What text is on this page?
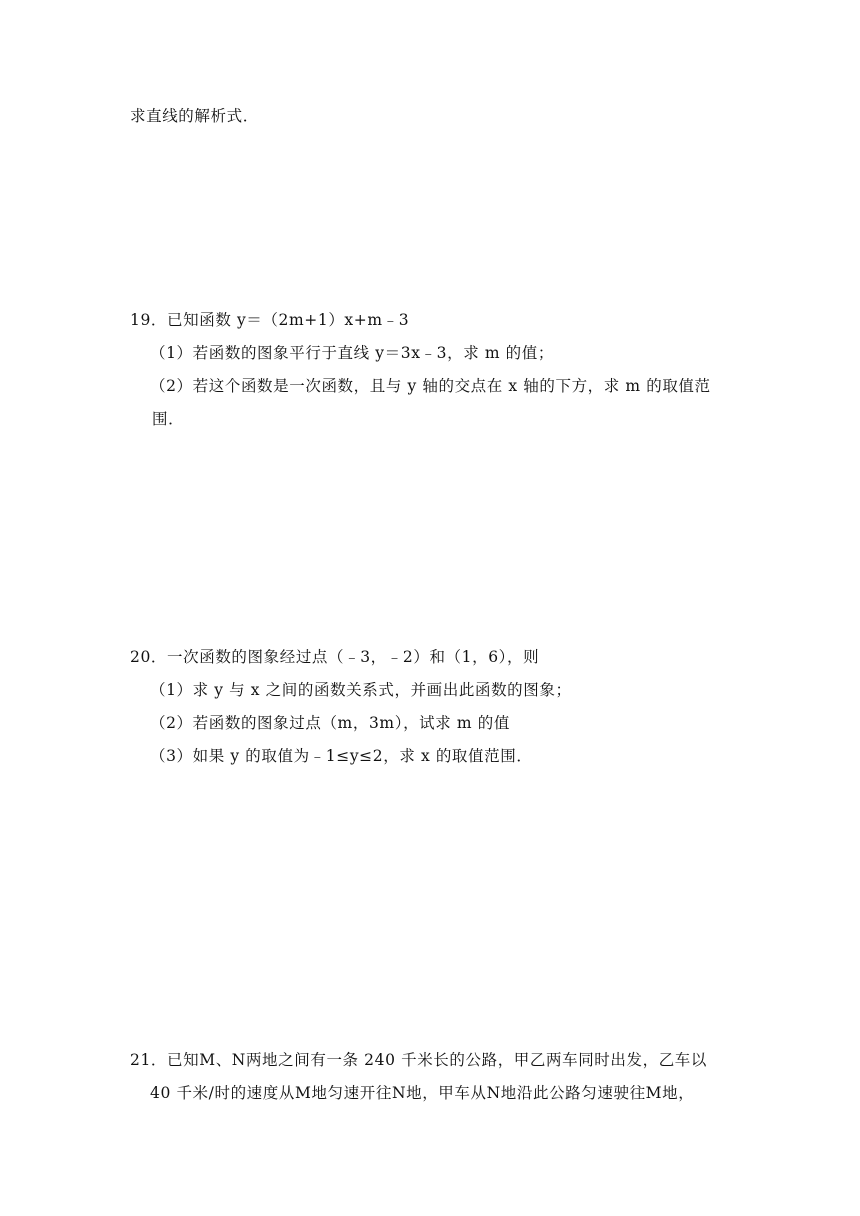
求直线的解析式．
19．已知函数 y＝（2m+1）x+m﹣3
（1）若函数的图象平行于直线 y＝3x﹣3，求 m 的值；
（2）若这个函数是一次函数，且与 y 轴的交点在 x 轴的下方，求 m 的取值范
围．
20．一次函数的图象经过点（﹣3，﹣2）和（1，6），则
（1）求 y 与 x 之间的函数关系式，并画出此函数的图象；
（2）若函数的图象过点（m，3m），试求 m 的值
（3）如果 y 的取值为﹣1≤y≤2，求 x 的取值范围．
21．已知M、N两地之间有一条 240 千米长的公路，甲乙两车同时出发，乙车以
40 千米/时的速度从M地匀速开往N地，甲车从N地沿此公路匀速驶往M地，
